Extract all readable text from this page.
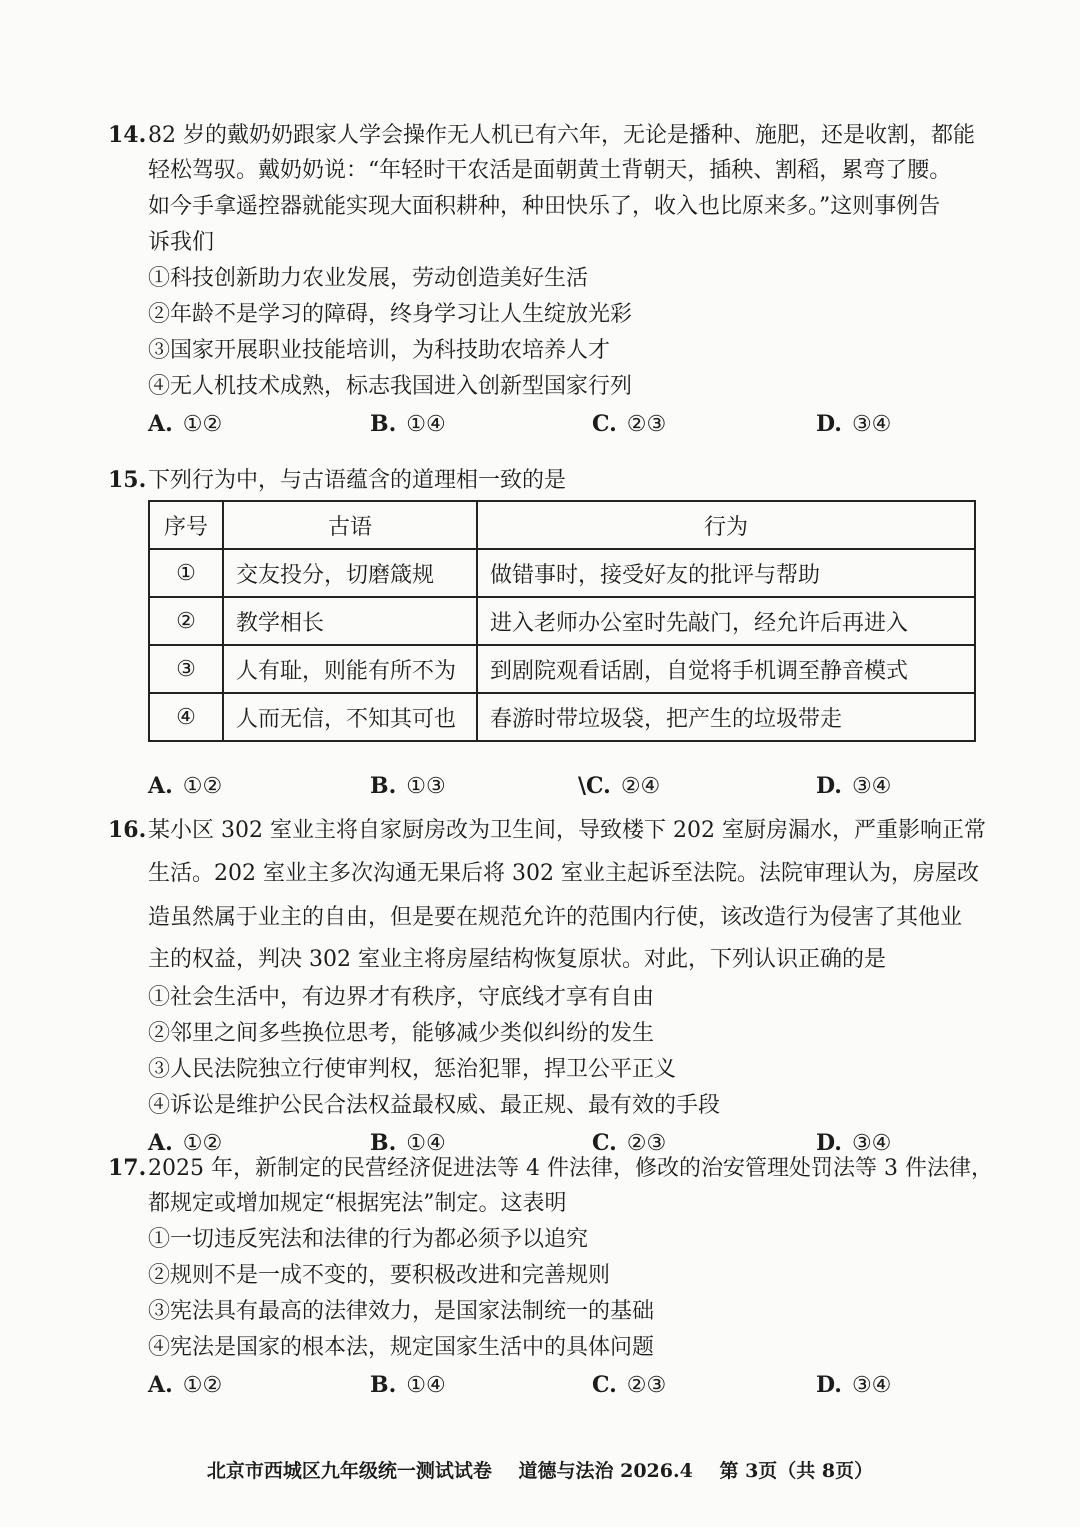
14.82 岁的戴奶奶跟家人学会操作无人机已有六年，无论是播种、施肥，还是收割，都能
轻松驾驭。戴奶奶说：“年轻时干农活是面朝黄土背朝天，插秧、割稻，累弯了腰。
如今手拿遥控器就能实现大面积耕种，种田快乐了，收入也比原来多。”这则事例告
诉我们
①科技创新助力农业发展，劳动创造美好生活
②年龄不是学习的障碍，终身学习让人生绽放光彩
③国家开展职业技能培训，为科技助农培养人才
④无人机技术成熟，标志我国进入创新型国家行列
A. ①②	B. ①④	C. ②③	D. ③④
15.下列行为中，与古语蕴含的道理相一致的是
序号	古语	行为
①	交友投分，切磨箴规	做错事时，接受好友的批评与帮助
②	教学相长	进入老师办公室时先敲门，经允许后再进入
③	人有耻，则能有所不为	到剧院观看话剧，自觉将手机调至静音模式
④	人而无信，不知其可也	春游时带垃圾袋，把产生的垃圾带走
A. ①②	B. ①③	\C. ②④	D. ③④
16.某小区 302 室业主将自家厨房改为卫生间，导致楼下 202 室厨房漏水，严重影响正常
生活。202 室业主多次沟通无果后将 302 室业主起诉至法院。法院审理认为，房屋改
造虽然属于业主的自由，但是要在规范允许的范围内行使，该改造行为侵害了其他业
主的权益，判决 302 室业主将房屋结构恢复原状。对此，下列认识正确的是
①社会生活中，有边界才有秩序，守底线才享有自由
②邻里之间多些换位思考，能够减少类似纠纷的发生
③人民法院独立行使审判权，惩治犯罪，捍卫公平正义
④诉讼是维护公民合法权益最权威、最正规、最有效的手段
A. ①②	B. ①④	C. ②③	D. ③④
17.2025 年，新制定的民营经济促进法等 4 件法律，修改的治安管理处罚法等 3 件法律，
都规定或增加规定“根据宪法”制定。这表明
①一切违反宪法和法律的行为都必须予以追究
②规则不是一成不变的，要积极改进和完善规则
③宪法具有最高的法律效力，是国家法制统一的基础
④宪法是国家的根本法，规定国家生活中的具体问题
A. ①②	B. ①④	C. ②③	D. ③④
北京市西城区九年级统一测试试卷 道德与法治 2026.4 第 3页（共 8页）
